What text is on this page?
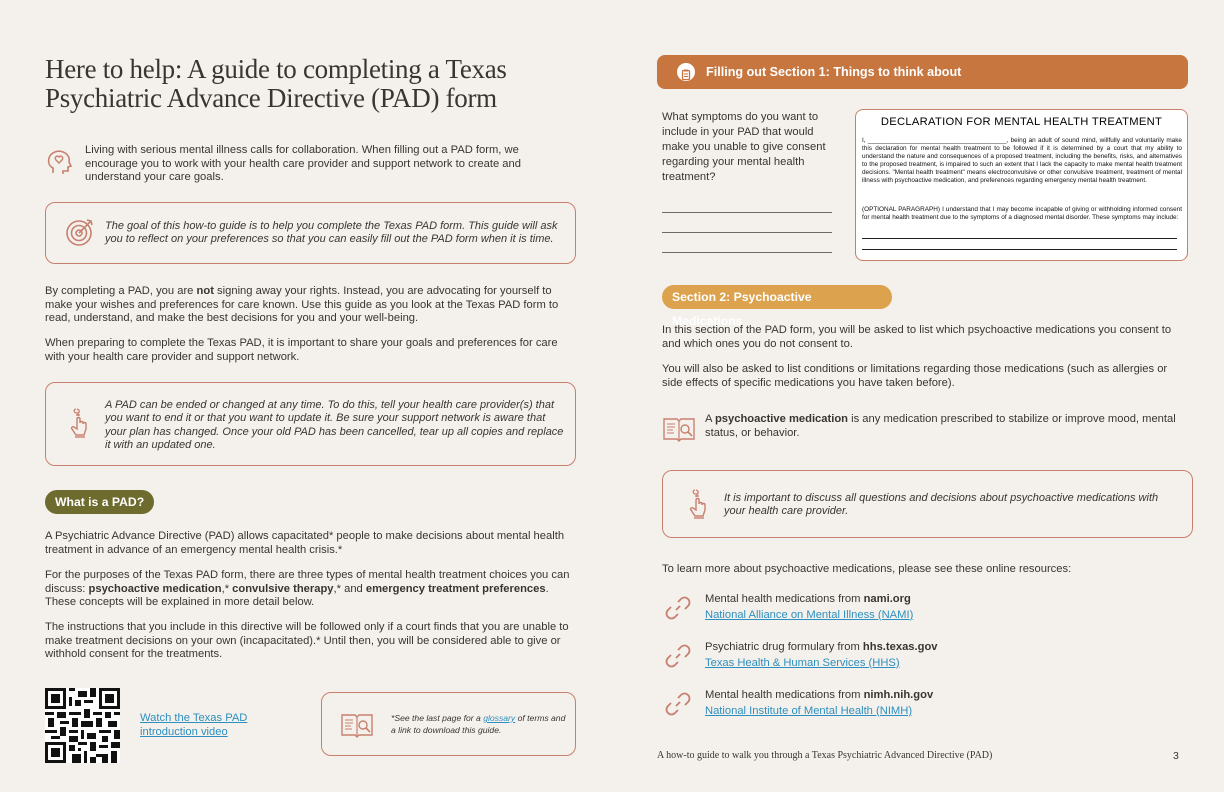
Here to help: A guide to completing a Texas Psychiatric Advance Directive (PAD) form
Living with serious mental illness calls for collaboration. When filling out a PAD form, we encourage you to work with your health care provider and support network to create and understand your care goals.
The goal of this how-to guide is to help you complete the Texas PAD form. This guide will ask you to reflect on your preferences so that you can easily fill out the PAD form when it is time.
By completing a PAD, you are not signing away your rights. Instead, you are advocating for yourself to make your wishes and preferences for care known. Use this guide as you look at the Texas PAD form to read, understand, and make the best decisions for you and your well-being.
When preparing to complete the Texas PAD, it is important to share your goals and preferences for care with your health care provider and support network.
A PAD can be ended or changed at any time. To do this, tell your health care provider(s) that you want to end it or that you want to update it. Be sure your support network is aware that your plan has changed. Once your old PAD has been cancelled, tear up all copies and replace it with an updated one.
What is a PAD?
A Psychiatric Advance Directive (PAD) allows capacitated* people to make decisions about mental health treatment in advance of an emergency mental health crisis.*
For the purposes of the Texas PAD form, there are three types of mental health treatment choices you can discuss: psychoactive medication,* convulsive therapy,* and emergency treatment preferences. These concepts will be explained in more detail below.
The instructions that you include in this directive will be followed only if a court finds that you are unable to make treatment decisions on your own (incapacitated).* Until then, you will be considered able to give or withhold consent for the treatments.
Watch the Texas PAD introduction video
*See the last page for a glossary of terms and a link to download this guide.
Filling out Section 1: Things to think about
What symptoms do you want to include in your PAD that would make you unable to give consent regarding your mental health treatment?
DECLARATION FOR MENTAL HEALTH TREATMENT
I, _______________________________________, being an adult of sound mind, willfully and voluntarily make this declaration for mental health treatment to be followed if it is determined by a court that my ability to understand the nature and consequences of a proposed treatment, including the benefits, risks, and alternatives to the proposed treatment, is impaired to such an extent that I lack the capacity to make mental health treatment decisions. "Mental health treatment" means electroconvulsive or other convulsive treatment, treatment of mental illness with psychoactive medication, and preferences regarding emergency mental health treatment.
(OPTIONAL PARAGRAPH) I understand that I may become incapable of giving or withholding informed consent for mental health treatment due to the symptoms of a diagnosed mental disorder. These symptoms may include:
Section 2: Psychoactive Medications
In this section of the PAD form, you will be asked to list which psychoactive medications you consent to and which ones you do not consent to.
You will also be asked to list conditions or limitations regarding those medications (such as allergies or side effects of specific medications you have taken before).
A psychoactive medication is any medication prescribed to stabilize or improve mood, mental status, or behavior.
It is important to discuss all questions and decisions about psychoactive medications with your health care provider.
To learn more about psychoactive medications, please see these online resources:
Mental health medications from nami.org
National Alliance on Mental Illness (NAMI)
Psychiatric drug formulary from hhs.texas.gov
Texas Health & Human Services (HHS)
Mental health medications from nimh.nih.gov
National Institute of Mental Health (NIMH)
A how-to guide to walk you through a Texas Psychiatric Advanced Directive (PAD)	3
